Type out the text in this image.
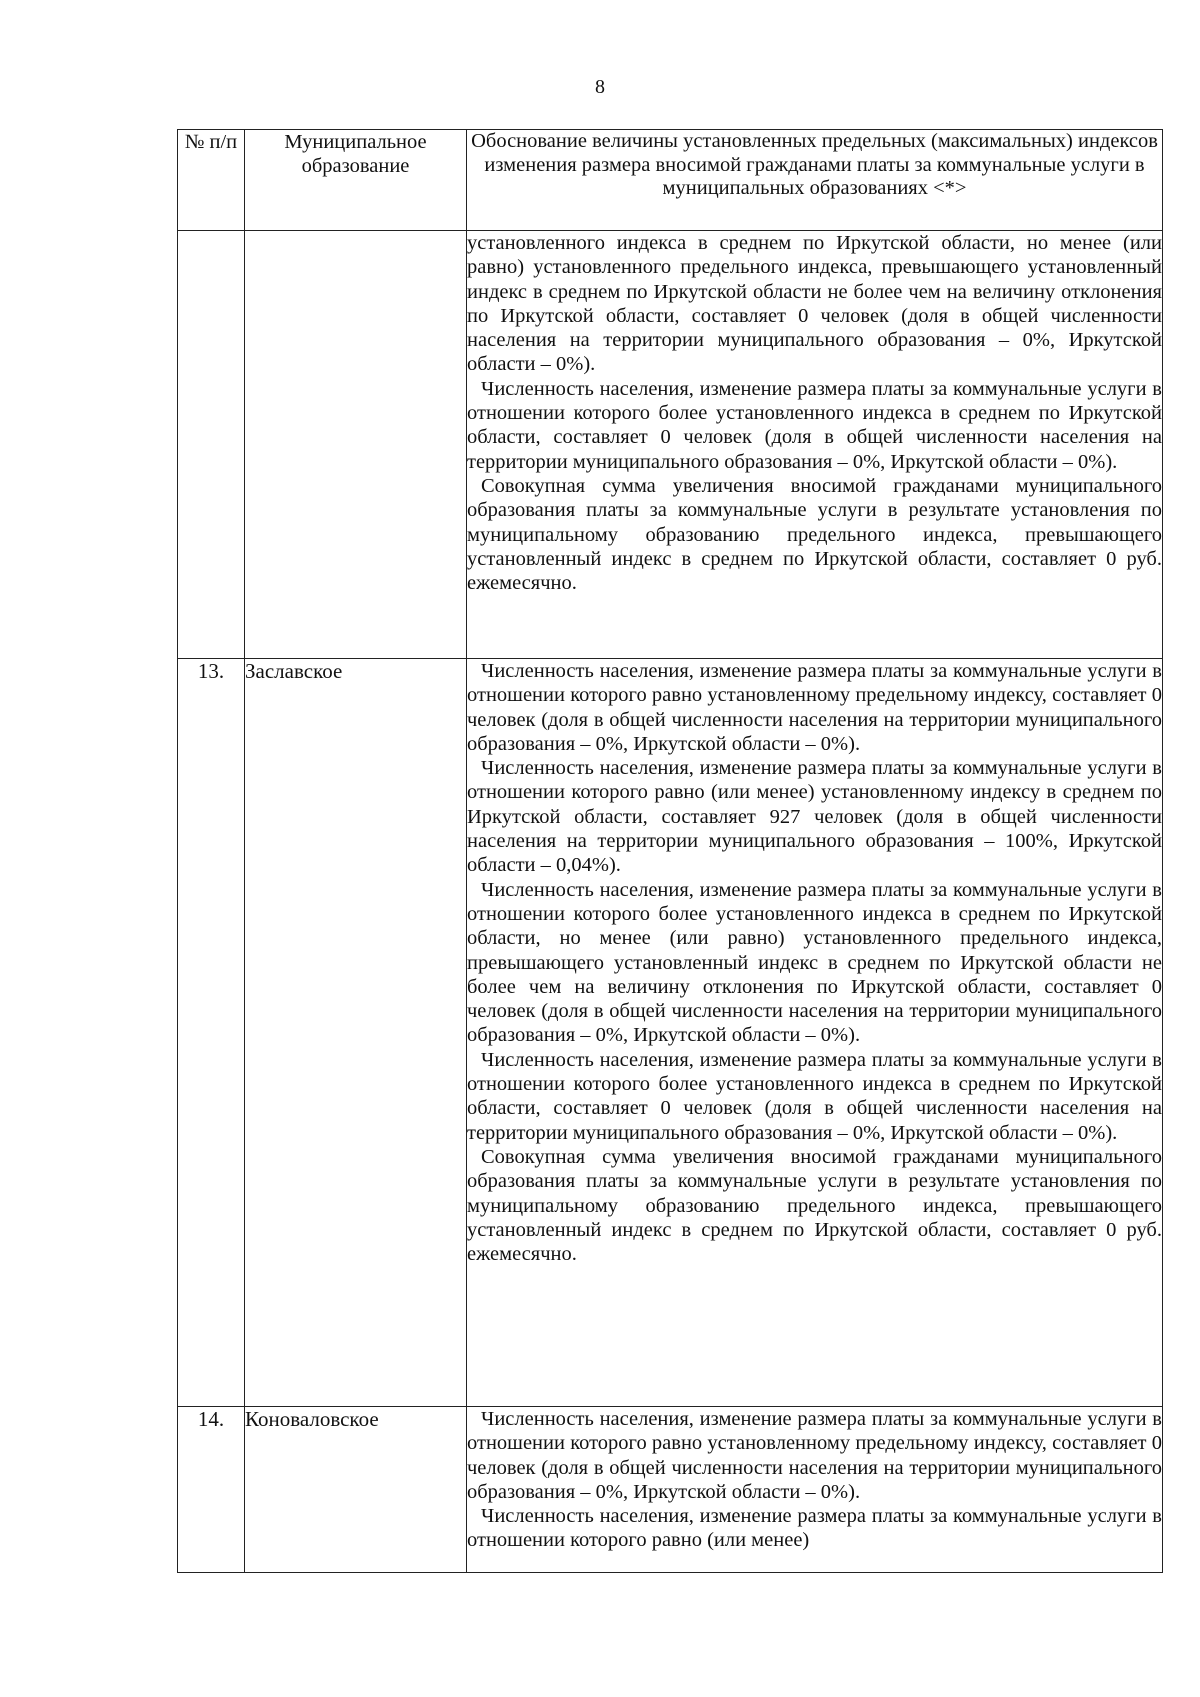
8
№ п/п	Муниципальное образование	Обоснование величины установленных предельных (максимальных) индексов изменения размера вносимой гражданами платы за коммунальные услуги в муниципальных образованиях <*>

		установленного индекса в среднем по Иркутской области, но менее (или равно) установленного предельного индекса, превышающего установленный индекс в среднем по Иркутской области не более чем на величину отклонения по Иркутской области, составляет 0 человек (доля в общей численности населения на территории муниципального образования – 0%, Иркутской области – 0%).

Численность населения, изменение размера платы за коммунальные услуги в отношении которого более установленного индекса в среднем по Иркутской области, составляет 0 человек (доля в общей численности населения на территории муниципального образования – 0%, Иркутской области – 0%).

Совокупная сумма увеличения вносимой гражданами муниципального образования платы за коммунальные услуги в результате установления по муниципальному образованию предельного индекса, превышающего установленный индекс в среднем по Иркутской области, составляет 0 руб. ежемесячно.

13.	Заславское	Численность населения, изменение размера платы за коммунальные услуги в отношении которого равно установленному предельному индексу, составляет 0 человек (доля в общей численности населения на территории муниципального образования – 0%, Иркутской области – 0%).

Численность населения, изменение размера платы за коммунальные услуги в отношении которого равно (или менее) установленному индексу в среднем по Иркутской области, составляет 927 человек (доля в общей численности населения на территории муниципального образования – 100%, Иркутской области – 0,04%).

Численность населения, изменение размера платы за коммунальные услуги в отношении которого более установленного индекса в среднем по Иркутской области, но менее (или равно) установленного предельного индекса, превышающего установленный индекс в среднем по Иркутской области не более чем на величину отклонения по Иркутской области, составляет 0 человек (доля в общей численности населения на территории муниципального образования – 0%, Иркутской области – 0%).

Численность населения, изменение размера платы за коммунальные услуги в отношении которого более установленного индекса в среднем по Иркутской области, составляет 0 человек (доля в общей численности населения на территории муниципального образования – 0%, Иркутской области – 0%).

Совокупная сумма увеличения вносимой гражданами муниципального образования платы за коммунальные услуги в результате установления по муниципальному образованию предельного индекса, превышающего установленный индекс в среднем по Иркутской области, составляет 0 руб. ежемесячно.

14.	Коноваловское	Численность населения, изменение размера платы за коммунальные услуги в отношении которого равно установленному предельному индексу, составляет 0 человек (доля в общей численности населения на территории муниципального образования – 0%, Иркутской области – 0%).

Численность населения, изменение размера платы за коммунальные услуги в отношении которого равно (или менее)
